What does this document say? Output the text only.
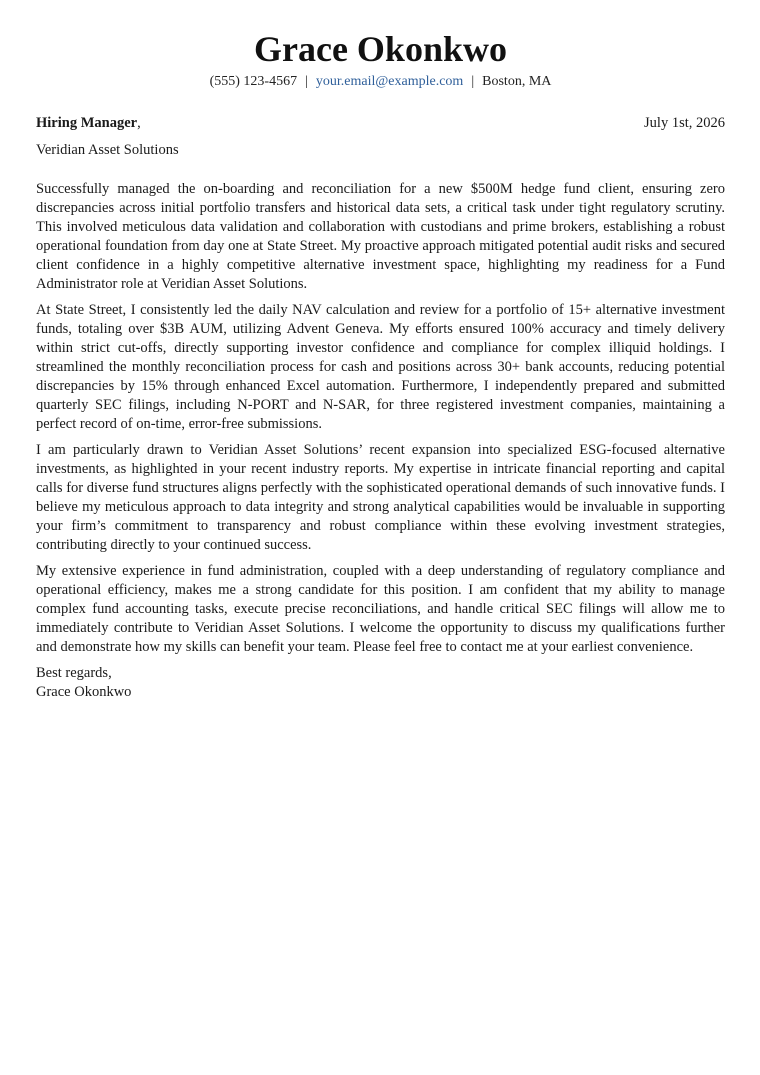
Grace Okonkwo
(555) 123-4567 | your.email@example.com | Boston, MA
Hiring Manager,	July 1st, 2026
Veridian Asset Solutions

Successfully managed the on-boarding and reconciliation for a new $500M hedge fund client, ensuring zero discrepancies across initial portfolio transfers and historical data sets, a critical task under tight regulatory scrutiny. This involved meticulous data validation and collaboration with custodians and prime brokers, establishing a robust operational foundation from day one at State Street. My proactive approach mitigated potential audit risks and secured client confidence in a highly competitive alternative investment space, highlighting my readiness for a Fund Administrator role at Veridian Asset Solutions.

At State Street, I consistently led the daily NAV calculation and review for a portfolio of 15+ alternative investment funds, totaling over $3B AUM, utilizing Advent Geneva. My efforts ensured 100% accuracy and timely delivery within strict cut-offs, directly supporting investor confidence and compliance for complex illiquid holdings. I streamlined the monthly reconciliation process for cash and positions across 30+ bank accounts, reducing potential discrepancies by 15% through enhanced Excel automation. Furthermore, I independently prepared and submitted quarterly SEC filings, including N-PORT and N-SAR, for three registered investment companies, maintaining a perfect record of on-time, error-free submissions.

I am particularly drawn to Veridian Asset Solutions’ recent expansion into specialized ESG-focused alternative investments, as highlighted in your recent industry reports. My expertise in intricate financial reporting and capital calls for diverse fund structures aligns perfectly with the sophisticated operational demands of such innovative funds. I believe my meticulous approach to data integrity and strong analytical capabilities would be invaluable in supporting your firm’s commitment to transparency and robust compliance within these evolving investment strategies, contributing directly to your continued success.

My extensive experience in fund administration, coupled with a deep understanding of regulatory compliance and operational efficiency, makes me a strong candidate for this position. I am confident that my ability to manage complex fund accounting tasks, execute precise reconciliations, and handle critical SEC filings will allow me to immediately contribute to Veridian Asset Solutions. I welcome the opportunity to discuss my qualifications further and demonstrate how my skills can benefit your team. Please feel free to contact me at your earliest convenience.

Best regards,
Grace Okonkwo
